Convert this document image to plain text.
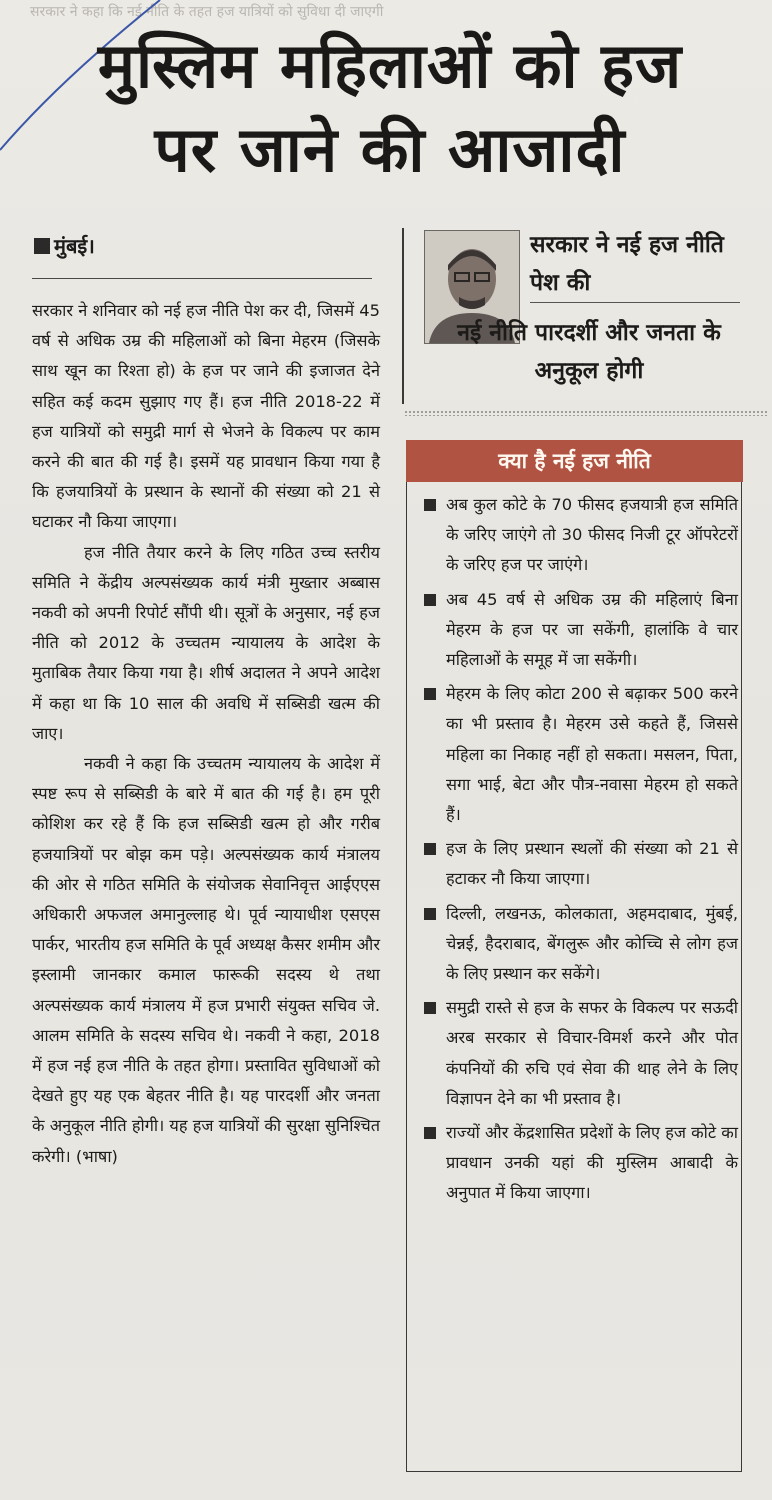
सरकार ने कहा कि नई नीति के तहत हज यात्रियों को सुविधा दी जाएगी
मुस्लिम महिलाओं को हज
पर जाने की आजादी
मुंबई।

सरकार ने शनिवार को नई हज नीति पेश कर दी, जिसमें 45 वर्ष से अधिक उम्र की महिलाओं को बिना मेहरम (जिसके साथ खून का रिश्ता हो) के हज पर जाने की इजाजत देने सहित कई कदम सुझाए गए हैं। हज नीति 2018-22 में हज यात्रियों को समुद्री मार्ग से भेजने के विकल्प पर काम करने की बात की गई है। इसमें यह प्रावधान किया गया है कि हजयात्रियों के प्रस्थान के स्थानों की संख्या को 21 से घटाकर नौ किया जाएगा।

हज नीति तैयार करने के लिए गठित उच्च स्तरीय समिति ने केंद्रीय अल्पसंख्यक कार्य मंत्री मुख्तार अब्बास नकवी को अपनी रिपोर्ट सौंपी थी। सूत्रों के अनुसार, नई हज नीति को 2012 के उच्चतम न्यायालय के आदेश के मुताबिक तैयार किया गया है। शीर्ष अदालत ने अपने आदेश में कहा था कि 10 साल की अवधि में सब्सिडी खत्म की जाए।

नकवी ने कहा कि उच्चतम न्यायालय के आदेश में स्पष्ट रूप से सब्सिडी के बारे में बात की गई है। हम पूरी कोशिश कर रहे हैं कि हज सब्सिडी खत्म हो और गरीब हजयात्रियों पर बोझ कम पड़े। अल्पसंख्यक कार्य मंत्रालय की ओर से गठित समिति के संयोजक सेवानिवृत्त आईएएस अधिकारी अफजल अमानुल्लाह थे। पूर्व न्यायाधीश एसएस पार्कर, भारतीय हज समिति के पूर्व अध्यक्ष कैसर शमीम और इस्लामी जानकार कमाल फारूकी सदस्य थे तथा अल्पसंख्यक कार्य मंत्रालय में हज प्रभारी संयुक्त सचिव जे. आलम समिति के सदस्य सचिव थे। नकवी ने कहा, 2018 में हज नई हज नीति के तहत होगा। प्रस्तावित सुविधाओं को देखते हुए यह एक बेहतर नीति है। यह पारदर्शी और जनता के अनुकूल नीति होगी। यह हज यात्रियों की सुरक्षा सुनिश्चित करेगी। (भाषा)

सरकार ने नई हज नीति पेश की
नई नीति पारदर्शी और जनता के अनुकूल होगी
क्या है नई हज नीति
अब कुल कोटे के 70 फीसद हजयात्री हज समिति के जरिए जाएंगे तो 30 फीसद निजी टूर ऑपरेटरों के जरिए हज पर जाएंगे।
अब 45 वर्ष से अधिक उम्र की महिलाएं बिना मेहरम के हज पर जा सकेंगी, हालांकि वे चार महिलाओं के समूह में जा सकेंगी।
मेहरम के लिए कोटा 200 से बढ़ाकर 500 करने का भी प्रस्ताव है। मेहरम उसे कहते हैं, जिससे महिला का निकाह नहीं हो सकता। मसलन, पिता, सगा भाई, बेटा और पौत्र-नवासा मेहरम हो सकते हैं।
हज के लिए प्रस्थान स्थलों की संख्या को 21 से हटाकर नौ किया जाएगा।
दिल्ली, लखनऊ, कोलकाता, अहमदाबाद, मुंबई, चेन्नई, हैदराबाद, बेंगलुरू और कोच्चि से लोग हज के लिए प्रस्थान कर सकेंगे।
समुद्री रास्ते से हज के सफर के विकल्प पर सऊदी अरब सरकार से विचार-विमर्श करने और पोत कंपनियों की रुचि एवं सेवा की थाह लेने के लिए विज्ञापन देने का भी प्रस्ताव है।
राज्यों और केंद्रशासित प्रदेशों के लिए हज कोटे का प्रावधान उनकी यहां की मुस्लिम आबादी के अनुपात में किया जाएगा।
